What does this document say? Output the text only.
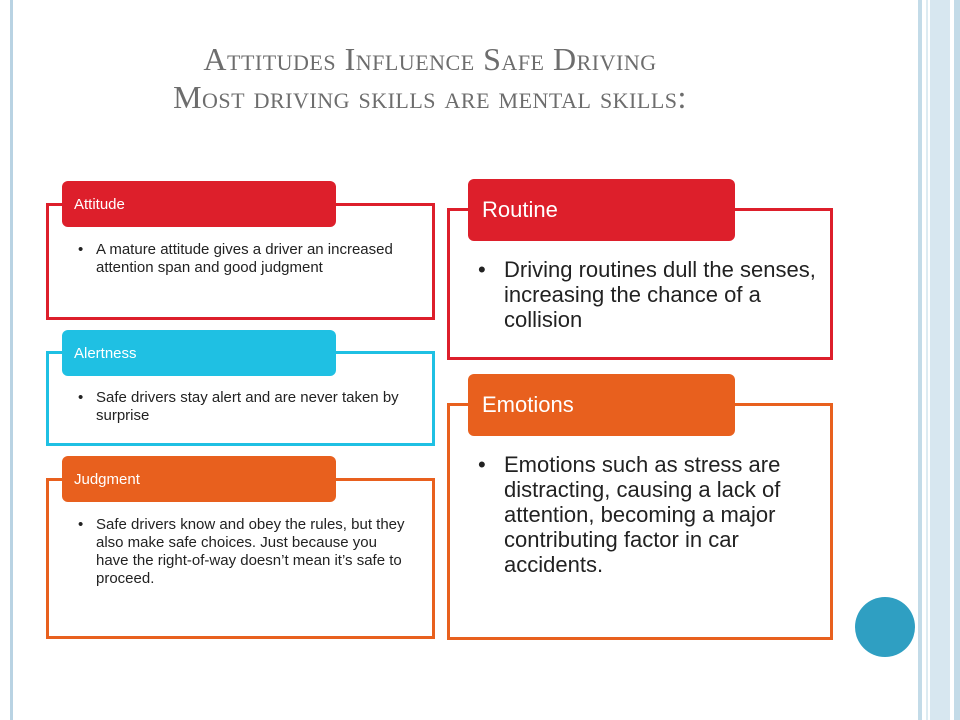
Attitudes Influence Safe Driving
Most driving skills are mental skills:
Attitude
• A mature attitude gives a driver an increased attention span and good judgment
Alertness
• Safe drivers stay alert and are never taken by surprise
Judgment
• Safe drivers know and obey the rules, but they also make safe choices. Just because you have the right-of-way doesn’t mean it’s safe to proceed.
Routine
• Driving routines dull the senses, increasing the chance of a collision
Emotions
• Emotions such as stress are distracting, causing a lack of attention, becoming a major contributing factor in car accidents.
